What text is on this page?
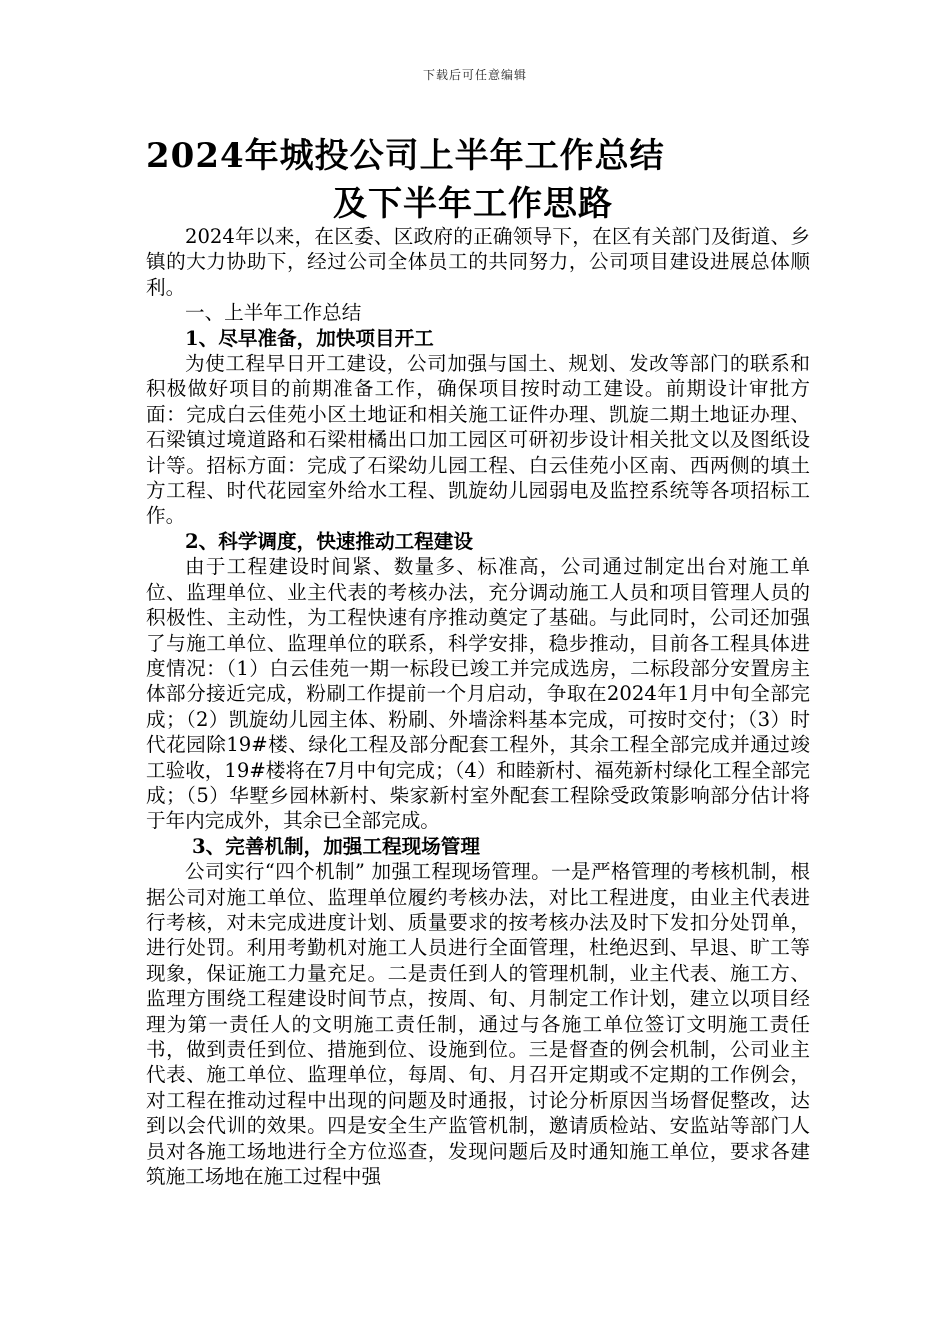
下载后可任意编辑
2024年城投公司上半年工作总结
及下半年工作思路

2024年以来，在区委、区政府的正确领导下，在区有关部门及街道、乡镇的大力协助下，经过公司全体员工的共同努力，公司项目建设进展总体顺利。

一、上半年工作总结

1、尽早准备，加快项目开工

为使工程早日开工建设，公司加强与国土、规划、发改等部门的联系和积极做好项目的前期准备工作，确保项目按时动工建设。前期设计审批方面：完成白云佳苑小区土地证和相关施工证件办理、凯旋二期土地证办理、石梁镇过境道路和石梁柑橘出口加工园区可研初步设计相关批文以及图纸设计等。招标方面：完成了石梁幼儿园工程、白云佳苑小区南、西两侧的填土方工程、时代花园室外给水工程、凯旋幼儿园弱电及监控系统等各项招标工作。

2、科学调度，快速推动工程建设

由于工程建设时间紧、数量多、标准高，公司通过制定出台对施工单位、监理单位、业主代表的考核办法，充分调动施工人员和项目管理人员的积极性、主动性，为工程快速有序推动奠定了基础。与此同时，公司还加强了与施工单位、监理单位的联系，科学安排，稳步推动，目前各工程具体进度情况：（1）白云佳苑一期一标段已竣工并完成选房，二标段部分安置房主体部分接近完成，粉刷工作提前一个月启动，争取在2024年1月中旬全部完成；（2）凯旋幼儿园主体、粉刷、外墙涂料基本完成，可按时交付；（3）时代花园除19#楼、绿化工程及部分配套工程外，其余工程全部完成并通过竣工验收，19#楼将在7月中旬完成；（4）和睦新村、福苑新村绿化工程全部完成；（5）华墅乡园林新村、柴家新村室外配套工程除受政策影响部分估计将于年内完成外，其余已全部完成。

3、完善机制，加强工程现场管理

公司实行“四个机制” 加强工程现场管理。一是严格管理的考核机制，根据公司对施工单位、监理单位履约考核办法，对比工程进度，由业主代表进行考核，对未完成进度计划、质量要求的按考核办法及时下发扣分处罚单，进行处罚。利用考勤机对施工人员进行全面管理，杜绝迟到、早退、旷工等现象，保证施工力量充足。二是责任到人的管理机制，业主代表、施工方、监理方围绕工程建设时间节点，按周、旬、月制定工作计划，建立以项目经理为第一责任人的文明施工责任制，通过与各施工单位签订文明施工责任书，做到责任到位、措施到位、设施到位。三是督查的例会机制，公司业主代表、施工单位、监理单位，每周、旬、月召开定期或不定期的工作例会，对工程在推动过程中出现的问题及时通报，讨论分析原因当场督促整改，达到以会代训的效果。四是安全生产监管机制，邀请质检站、安监站等部门人员对各施工场地进行全方位巡查，发现问题后及时通知施工单位，要求各建筑施工场地在施工过程中强
